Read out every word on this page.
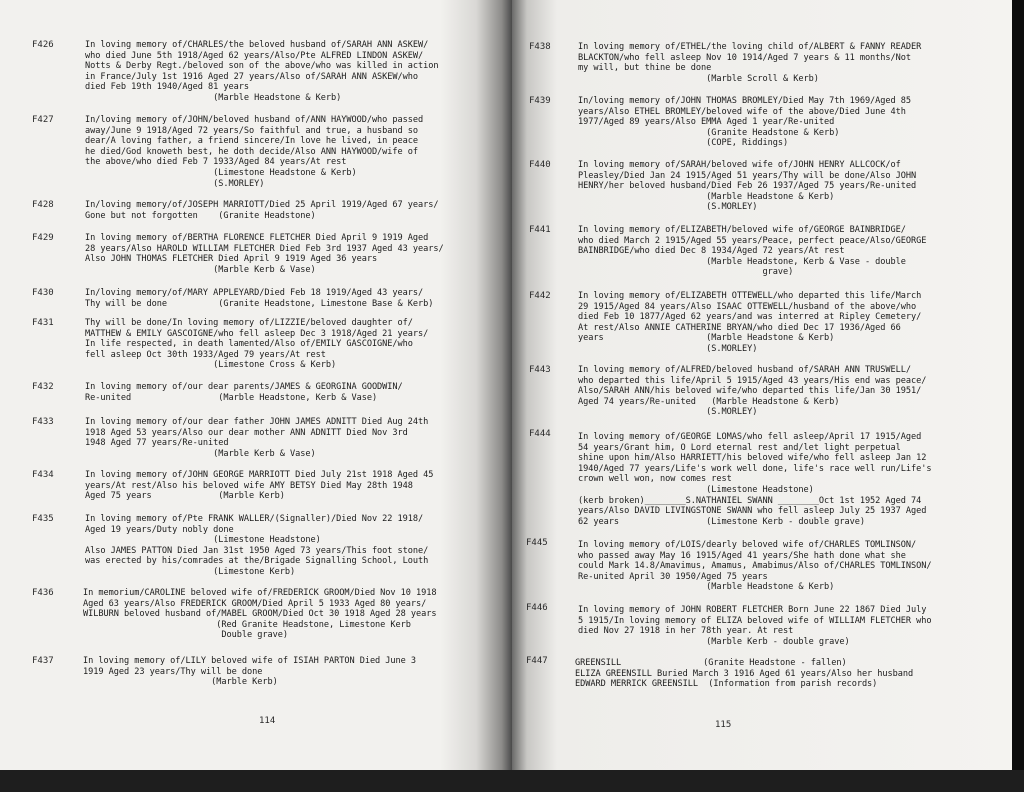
F426	In loving memory of/CHARLES/the beloved husband of/SARAH ANN ASKEW/
who died June 5th 1918/Aged 62 years/Also/Pte ALFRED LINDON ASKEW/
Notts & Derby Regt./beloved son of the above/who was killed in action
in France/July 1st 1916 Aged 27 years/Also of/SARAH ANN ASKEW/who
died Feb 19th 1940/Aged 81 years
(Marble Headstone & Kerb)
F427	In/loving memory of/JOHN/beloved husband of/ANN HAYWOOD/who passed
away/June 9 1918/Aged 72 years/So faithful and true, a husband so
dear/A loving father, a friend sincere/In love he lived, in peace
he died/God knoweth best, he doth decide/Also ANN HAYWOOD/wife of
the above/who died Feb 7 1933/Aged 84 years/At rest
(Limestone Headstone & Kerb)
(S.MORLEY)
F428	In/loving memory/of/JOSEPH MARRIOTT/Died 25 April 1919/Aged 67 years/
Gone but not forgotten    (Granite Headstone)
F429	In loving memory of/BERTHA FLORENCE FLETCHER Died April 9 1919 Aged
28 years/Also HAROLD WILLIAM FLETCHER Died Feb 3rd 1937 Aged 43 years/
Also JOHN THOMAS FLETCHER Died April 9 1919 Aged 36 years
(Marble Kerb & Vase)
F430	In/loving memory/of/MARY APPLEYARD/Died Feb 18 1919/Aged 43 years/
Thy will be done          (Granite Headstone, Limestone Base & Kerb)
F431	Thy will be done/In loving memory of/LIZZIE/beloved daughter of/
MATTHEW & EMILY GASCOIGNE/who fell asleep Dec 3 1918/Aged 21 years/
In life respected, in death lamented/Also of/EMILY GASCOIGNE/who
fell asleep Oct 30th 1933/Aged 79 years/At rest
(Limestone Cross & Kerb)
F432	In loving memory of/our dear parents/JAMES & GEORGINA GOODWIN/
Re-united                 (Marble Headstone, Kerb & Vase)
F433	In loving memory of/our dear father JOHN JAMES ADNITT Died Aug 24th
1918 Aged 53 years/Also our dear mother ANN ADNITT Died Nov 3rd
1948 Aged 77 years/Re-united
(Marble Kerb & Vase)
F434	In loving memory of/JOHN GEORGE MARRIOTT Died July 21st 1918 Aged 45
years/At rest/Also his beloved wife AMY BETSY Died May 28th 1948
Aged 75 years             (Marble Kerb)
F435	In loving memory of/Pte FRANK WALLER/(Signaller)/Died Nov 22 1918/
Aged 19 years/Duty nobly done
(Limestone Headstone)
Also JAMES PATTON Died Jan 31st 1950 Aged 73 years/This foot stone/
was erected by his/comrades at the/Brigade Signalling School, Louth
(Limestone Kerb)
F436	In memorium/CAROLINE beloved wife of/FREDERICK GROOM/Died Nov 10 1918
Aged 63 years/Also FREDERICK GROOM/Died April 5 1933 Aged 80 years/
WILBURN beloved husband of/MABEL GROOM/Died Oct 30 1918 Aged 28 years
(Red Granite Headstone, Limestone Kerb
Double grave)
F437	In loving memory of/LILY beloved wife of ISIAH PARTON Died June 3
1919 Aged 23 years/Thy will be done
(Marble Kerb)
114
F438	In loving memory of/ETHEL/the loving child of/ALBERT & FANNY READER
BLACKTON/who fell asleep Nov 10 1914/Aged 7 years & 11 months/Not
my will, but thine be done
(Marble Scroll & Kerb)
F439	In/loving memory of/JOHN THOMAS BROMLEY/Died May 7th 1969/Aged 85
years/Also ETHEL BROMLEY/beloved wife of the above/Died June 4th
1977/Aged 89 years/Also EMMA Aged 1 year/Re-united
(Granite Headstone & Kerb)
(COPE, Riddings)
F440	In loving memory of/SARAH/beloved wife of/JOHN HENRY ALLCOCK/of
Pleasley/Died Jan 24 1915/Aged 51 years/Thy will be done/Also JOHN
HENRY/her beloved husband/Died Feb 26 1937/Aged 75 years/Re-united
(Marble Headstone & Kerb)
(S.MORLEY)
F441	In loving memory of/ELIZABETH/beloved wife of/GEORGE BAINBRIDGE/
who died March 2 1915/Aged 55 years/Peace, perfect peace/Also/GEORGE
BAINBRIDGE/who died Dec 8 1934/Aged 72 years/At rest
(Marble Headstone, Kerb & Vase - double
grave)
F442	In loving memory of/ELIZABETH OTTEWELL/who departed this life/March
29 1915/Aged 84 years/Also ISAAC OTTEWELL/husband of the above/who
died Feb 10 1877/Aged 62 years/and was interred at Ripley Cemetery/
At rest/Also ANNIE CATHERINE BRYAN/who died Dec 17 1936/Aged 66
years                    (Marble Headstone & Kerb)
(S.MORLEY)
F443	In loving memory of/ALFRED/beloved husband of/SARAH ANN TRUSWELL/
who departed this life/April 5 1915/Aged 43 years/His end was peace/
Also/SARAH ANN/his beloved wife/who departed this life/Jan 30 1951/
Aged 74 years/Re-united   (Marble Headstone & Kerb)
(S.MORLEY)
F444	In loving memory of/GEORGE LOMAS/who fell asleep/April 17 1915/Aged
54 years/Grant him, O Lord eternal rest and/let light perpetual
shine upon him/Also HARRIETT/his beloved wife/who fell asleep Jan 12
1940/Aged 77 years/Life's work well done, life's race well run/Life's
crown well won, now comes rest
(Limestone Headstone)
(kerb broken)________S.NATHANIEL SWANN ________Oct 1st 1952 Aged 74
years/Also DAVID LIVINGSTONE SWANN who fell asleep July 25 1937 Aged
62 years                 (Limestone Kerb - double grave)
F445	In loving memory of/LOIS/dearly beloved wife of/CHARLES TOMLINSON/
who passed away May 16 1915/Aged 41 years/She hath done what she
could Mark 14.8/Amavimus, Amamus, Amabimus/Also of/CHARLES TOMLINSON/
Re-united April 30 1950/Aged 75 years
(Marble Headstone & Kerb)
F446	In loving memory of JOHN ROBERT FLETCHER Born June 22 1867 Died July
5 1915/In loving memory of ELIZA beloved wife of WILLIAM FLETCHER who
died Nov 27 1918 in her 78th year. At rest
(Marble Kerb - double grave)
F447	GREENSILL                (Granite Headstone - fallen)
ELIZA GREENSILL Buried March 3 1916 Aged 61 years/Also her husband
EDWARD MERRICK GREENSILL  (Information from parish records)
115
